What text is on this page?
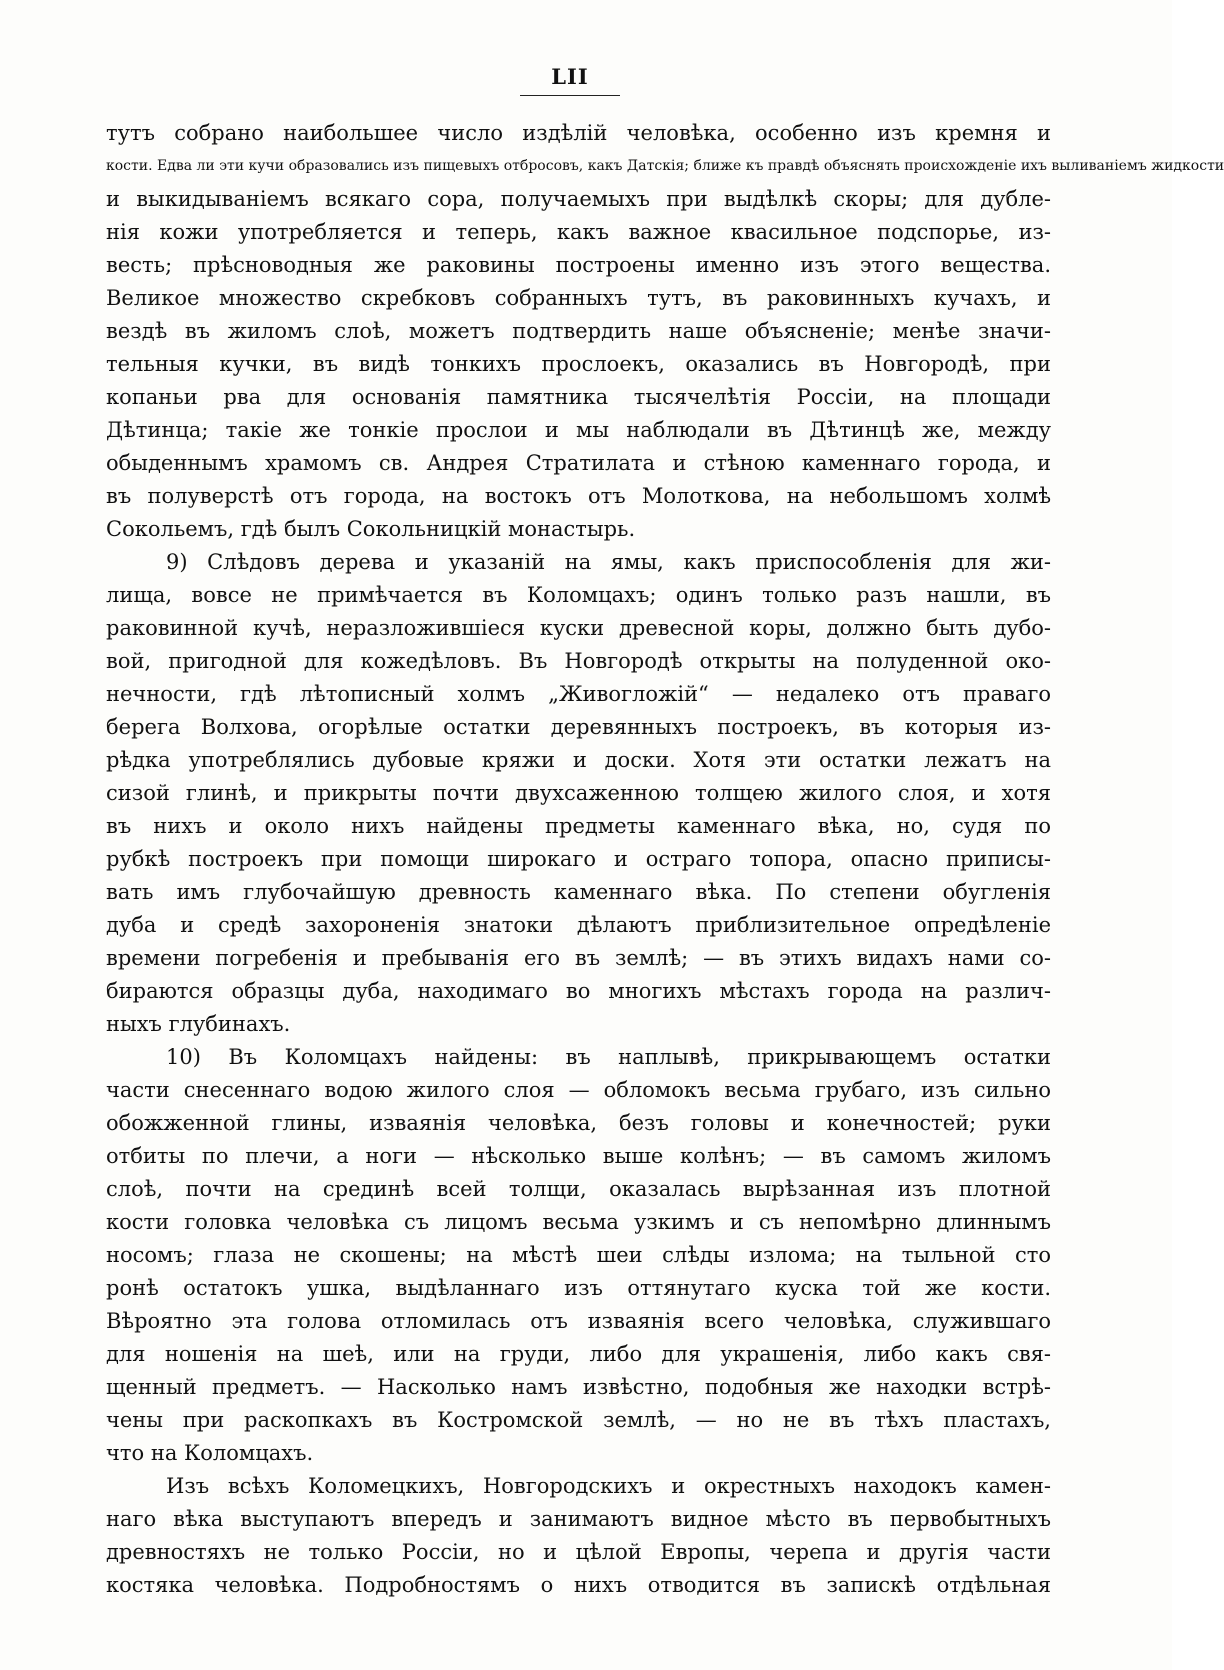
LII
тутъ собрано наибольшее число издѣлій человѣка, особенно изъ кремня и
кости. Едва ли эти кучи образовались изъ пищевыхъ отбросовъ, какъ Датскія; ближе къ правдѣ объяснять происхожденіе ихъ выливаніемъ жидкости
и выкидываніемъ всякаго сора, получаемыхъ при выдѣлкѣ скоры; для дубле-
нія кожи употребляется и теперь, какъ важное квасильное подспорье, из-
весть; прѣсноводныя же раковины построены именно изъ этого вещества.
Великое множество скребковъ собранныхъ тутъ, въ раковинныхъ кучахъ, и
вездѣ въ жиломъ слоѣ, можетъ подтвердить наше объясненіе; менѣе значи-
тельныя кучки, въ видѣ тонкихъ прослоекъ, оказались въ Новгородѣ, при
копаньи рва для основанія памятника тысячелѣтія Россіи, на площади
Дѣтинца; такіе же тонкіе прослои и мы наблюдали въ Дѣтинцѣ же, между
обыденнымъ храмомъ св. Андрея Стратилата и стѣною каменнаго города, и
въ полуверстѣ отъ города, на востокъ отъ Молоткова, на небольшомъ холмѣ
Сокольемъ, гдѣ былъ Сокольницкій монастырь.
9) Слѣдовъ дерева и указаній на ямы, какъ приспособленія для жи-
лища, вовсе не примѣчается въ Коломцахъ; одинъ только разъ нашли, въ
раковинной кучѣ, неразложившіеся куски древесной коры, должно быть дубо-
вой, пригодной для кожедѣловъ. Въ Новгородѣ открыты на полуденной око-
нечности, гдѣ лѣтописный холмъ „Живогложій“ — недалеко отъ праваго
берега Волхова, огорѣлые остатки деревянныхъ построекъ, въ которыя из-
рѣдка употреблялись дубовые кряжи и доски. Хотя эти остатки лежатъ на
сизой глинѣ, и прикрыты почти двухсаженною толщею жилого слоя, и хотя
въ нихъ и около нихъ найдены предметы каменнаго вѣка, но, судя по
рубкѣ построекъ при помощи широкаго и остраго топора, опасно приписы-
вать имъ глубочайшую древность каменнаго вѣка. По степени обугленія
дуба и средѣ захороненія знатоки дѣлаютъ приблизительное опредѣленіе
времени погребенія и пребыванія его въ землѣ; — въ этихъ видахъ нами со-
бираются образцы дуба, находимаго во многихъ мѣстахъ города на различ-
ныхъ глубинахъ.
10) Въ Коломцахъ найдены: въ наплывѣ, прикрывающемъ остатки
части снесеннаго водою жилого слоя — обломокъ весьма грубаго, изъ сильно
обожженной глины, изваянія человѣка, безъ головы и конечностей; руки
отбиты по плечи, а ноги — нѣсколько выше колѣнъ; — въ самомъ жиломъ
слоѣ, почти на срединѣ всей толщи, оказалась вырѣзанная изъ плотной
кости головка человѣка съ лицомъ весьма узкимъ и съ непомѣрно длиннымъ
носомъ; глаза не скошены; на мѣстѣ шеи слѣды излома; на тыльной сто
ронѣ остатокъ ушка, выдѣланнаго изъ оттянутаго куска той же кости.
Вѣроятно эта голова отломилась отъ изваянія всего человѣка, служившаго
для ношенія на шеѣ, или на груди, либо для украшенія, либо какъ свя-
щенный предметъ. — Насколько намъ извѣстно, подобныя же находки встрѣ-
чены при раскопкахъ въ Костромской землѣ, — но не въ тѣхъ пластахъ,
что на Коломцахъ.
Изъ всѣхъ Коломецкихъ, Новгородскихъ и окрестныхъ находокъ камен-
наго вѣка выступаютъ впередъ и занимаютъ видное мѣсто въ первобытныхъ
древностяхъ не только Россіи, но и цѣлой Европы, черепа и другія части
костяка человѣка. Подробностямъ о нихъ отводится въ запискѣ отдѣльная
